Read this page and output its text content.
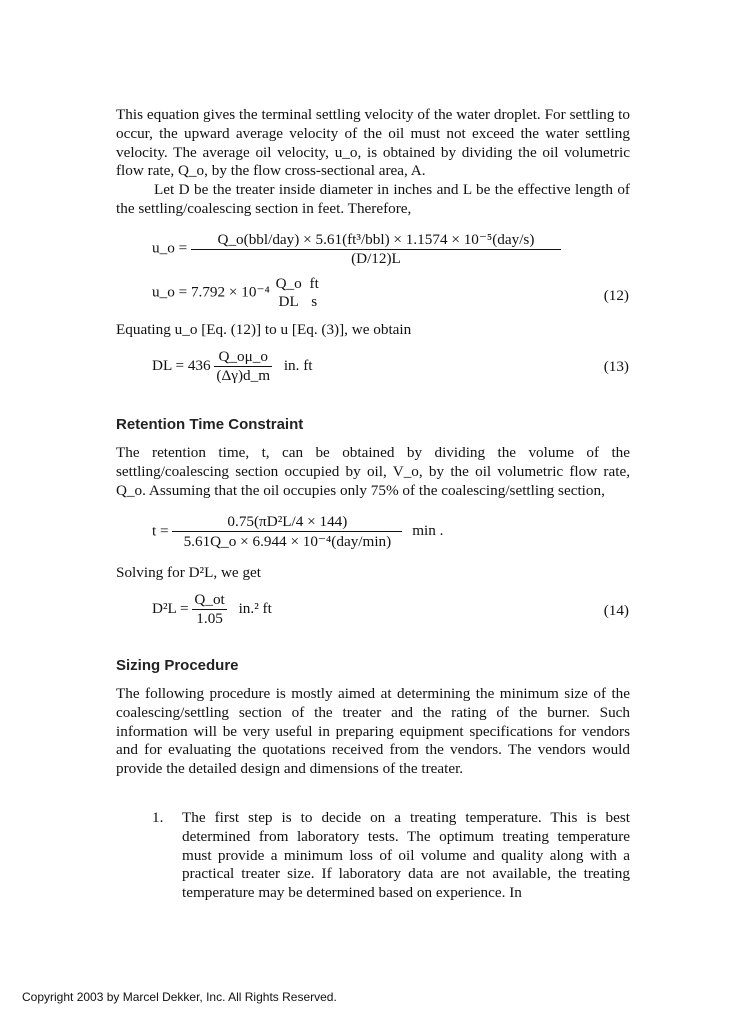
This equation gives the terminal settling velocity of the water droplet. For settling to occur, the upward average velocity of the oil must not exceed the water settling velocity. The average oil velocity, u_o, is obtained by dividing the oil volumetric flow rate, Q_o, by the flow cross-sectional area, A.

Let D be the treater inside diameter in inches and L be the effective length of the settling/coalescing section in feet. Therefore,

u_o = $\frac{\text{Q\_o(bbl/day) × 5.61(ft³/bbl) × 1.1574 × 10⁻⁵(day/s)}}{(D/12)L}$
u_o = 7.792 × 10⁻⁴ Q_o
DL

ft
s	(12)

Equating u_o [Eq. (12)] to u [Eq. (3)], we obtain

DL = $436 \frac{Q\_o\mu\_o}{(\Delta\gamma)d\_m}$ in. ft	(13)
Retention Time Constraint

The retention time, t, can be obtained by dividing the volume of the settling/coalescing section occupied by oil, V_o, by the oil volumetric flow rate, Q_o. Assuming that the oil occupies only 75% of the coalescing/settling section,

$t = \frac{\text{0.75(πD²L/4 × 144)}}{\text{5.61Q\_o × 6.944 × 10⁻⁴(day/min)}}$ min .

Solving for D²L, we get

$D^2L = \frac{Q\_ot}{1.05} in.^2$ ft	(14)
Sizing Procedure

The following procedure is mostly aimed at determining the minimum size of the coalescing/settling section of the treater and the rating of the burner. Such information will be very useful in preparing equipment specifications for vendors and for evaluating the quotations received from the vendors. The vendors would provide the detailed design and dimensions of the treater.

1. The first step is to decide on a treating temperature. This is best determined from laboratory tests. The optimum treating temperature must provide a minimum loss of oil volume and quality along with a practical treater size. If laboratory data are not available, the treating temperature may be determined based on experience. In

Copyright 2003 by Marcel Dekker, Inc. All Rights Reserved.
